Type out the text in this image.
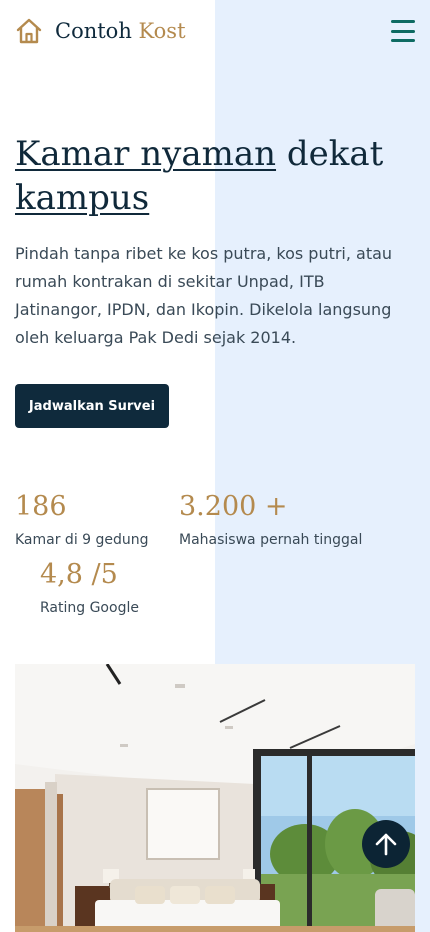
Contoh Kost
Kamar nyaman dekat
kampus

Pindah tanpa ribet ke kos putra, kos putri, atau rumah kontrakan di sekitar Unpad, ITB Jatinangor, IPDN, dan Ikopin. Dikelola langsung oleh keluarga Pak Dedi sejak 2014.

Jadwalkan Survei
186
Kamar di 9 gedung
3.200 +
Mahasiswa pernah tinggal
4,8 /5
Rating Google
